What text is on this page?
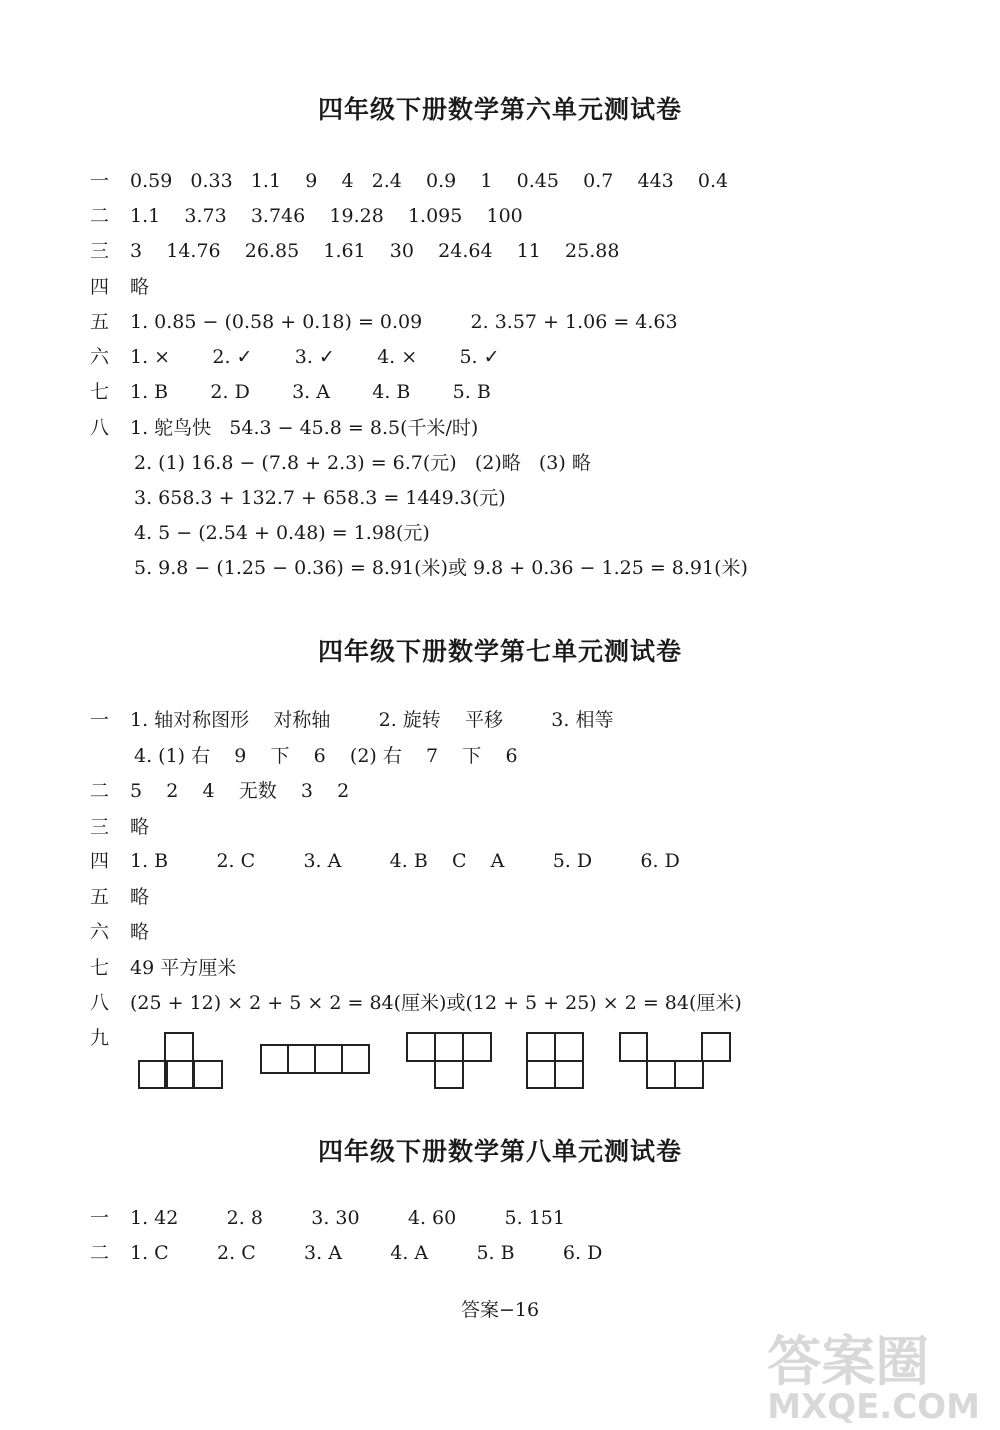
四年级下册数学第六单元测试卷
一 0.59   0.33   1.1    9    4   2.4    0.9    1    0.45    0.7    443    0.4
二 1.1    3.73    3.746    19.28    1.095    100
三 3    14.76    26.85    1.61    30    24.64    11    25.88
四 略
五 1. 0.85 − (0.58 + 0.18) = 0.09        2. 3.57 + 1.06 = 4.63
六 1. ×       2. ✓       3. ✓       4. ×       5. ✓
七 1. B       2. D       3. A       4. B       5. B
八 1. 鸵鸟快   54.3 − 45.8 = 8.5(千米/时)
2. (1) 16.8 − (7.8 + 2.3) = 6.7(元)   (2)略   (3) 略
3. 658.3 + 132.7 + 658.3 = 1449.3(元)
4. 5 − (2.54 + 0.48) = 1.98(元)
5. 9.8 − (1.25 − 0.36) = 8.91(米)或 9.8 + 0.36 − 1.25 = 8.91(米)
四年级下册数学第七单元测试卷
一 1. 轴对称图形    对称轴        2. 旋转    平移        3. 相等
4. (1) 右    9    下    6    (2) 右    7    下    6
二 5    2    4    无数    3    2
三 略
四 1. B        2. C        3. A        4. B    C    A        5. D        6. D
五 略
六 略
七 49 平方厘米
八 (25 + 12) × 2 + 5 × 2 = 84(厘米)或(12 + 5 + 25) × 2 = 84(厘米)
九
四年级下册数学第八单元测试卷
一 1. 42        2. 8        3. 30        4. 60        5. 151
二 1. C        2. C        3. A        4. A        5. B        6. D
答案−16
答案圈
MXQE.COM
